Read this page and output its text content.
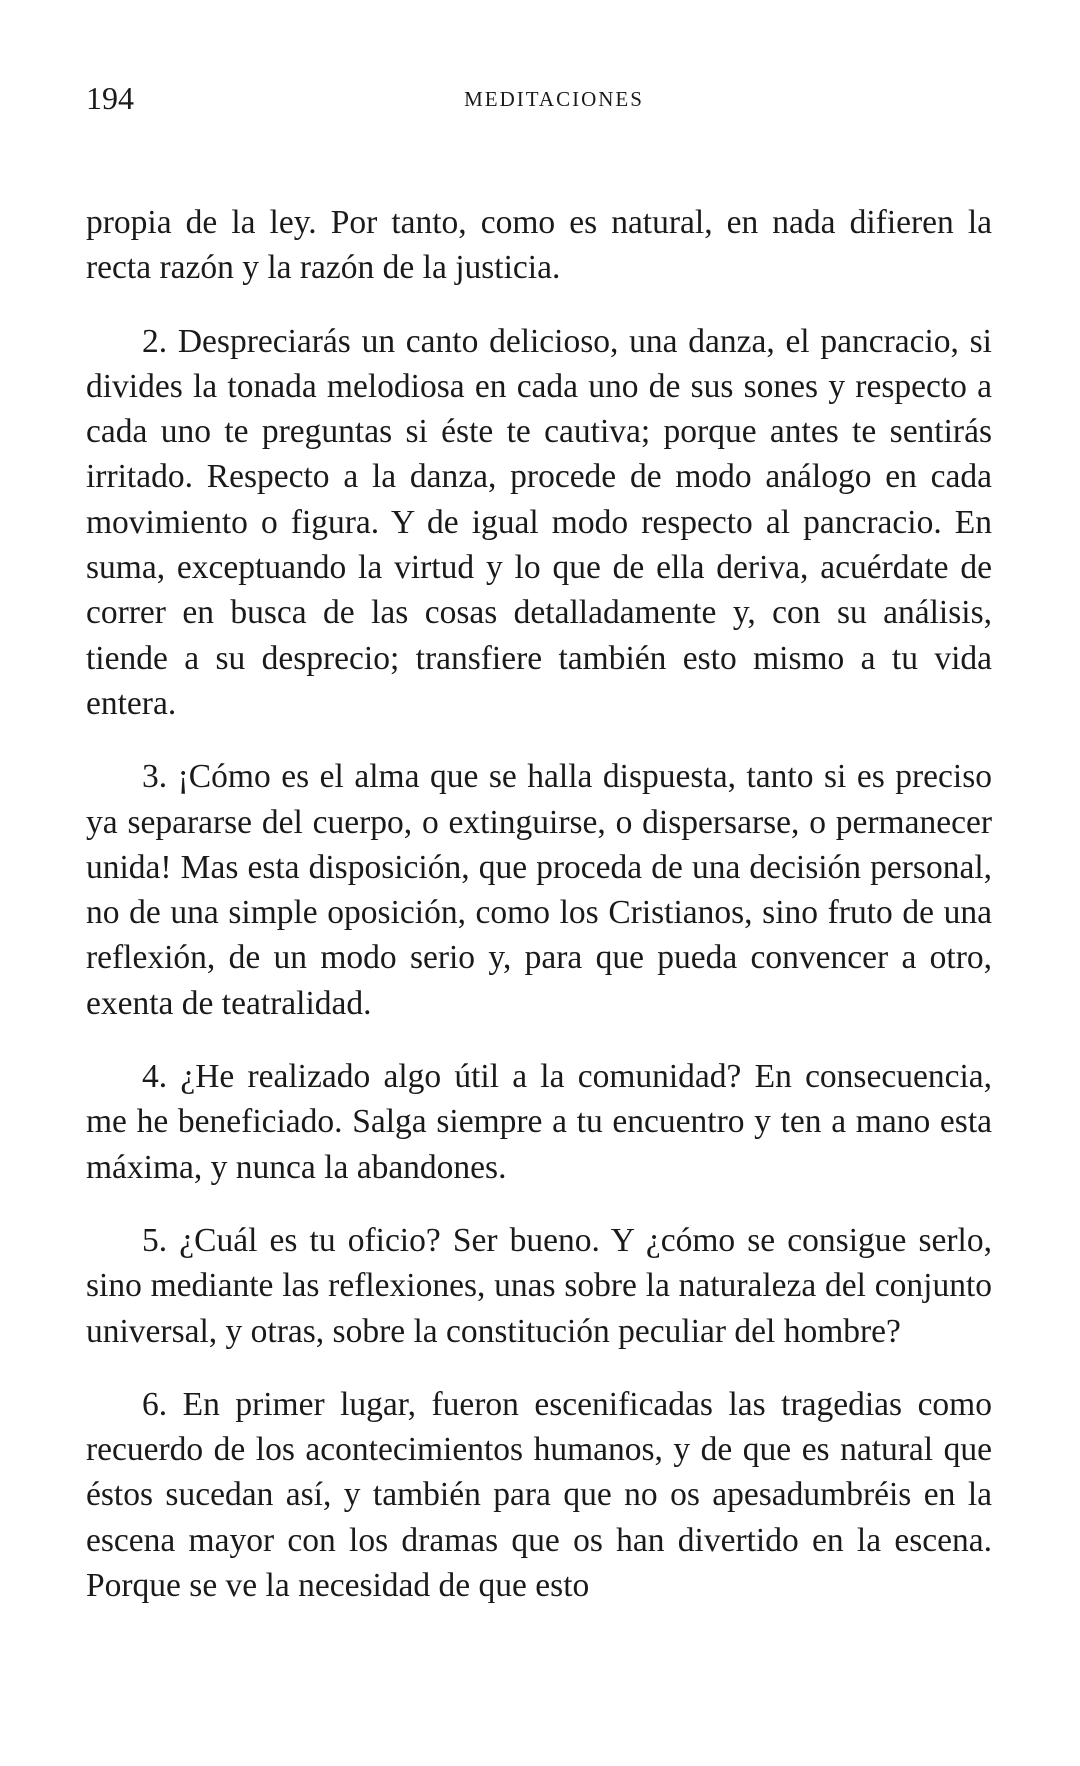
194	MEDITACIONES

propia de la ley. Por tanto, como es natural, en nada difieren la recta razón y la razón de la justicia.

2. Despreciarás un canto delicioso, una danza, el pancracio, si divides la tonada melodiosa en cada uno de sus sones y respecto a cada uno te preguntas si éste te cautiva; porque antes te sentirás irritado. Respecto a la danza, procede de modo análogo en cada movimiento o figura. Y de igual modo respecto al pancracio. En suma, exceptuando la virtud y lo que de ella deriva, acuérdate de correr en busca de las cosas detalladamente y, con su análisis, tiende a su desprecio; transfiere también esto mismo a tu vida entera.

3. ¡Cómo es el alma que se halla dispuesta, tanto si es preciso ya separarse del cuerpo, o extinguirse, o dispersarse, o permanecer unida! Mas esta disposición, que proceda de una decisión personal, no de una simple oposición, como los Cristianos, sino fruto de una reflexión, de un modo serio y, para que pueda convencer a otro, exenta de teatralidad.

4. ¿He realizado algo útil a la comunidad? En consecuencia, me he beneficiado. Salga siempre a tu encuentro y ten a mano esta máxima, y nunca la abandones.

5. ¿Cuál es tu oficio? Ser bueno. Y ¿cómo se consigue serlo, sino mediante las reflexiones, unas sobre la naturaleza del conjunto universal, y otras, sobre la constitución peculiar del hombre?

6. En primer lugar, fueron escenificadas las tragedias como recuerdo de los acontecimientos humanos, y de que es natural que éstos sucedan así, y también para que no os apesadumbréis en la escena mayor con los dramas que os han divertido en la escena. Porque se ve la necesidad de que esto
